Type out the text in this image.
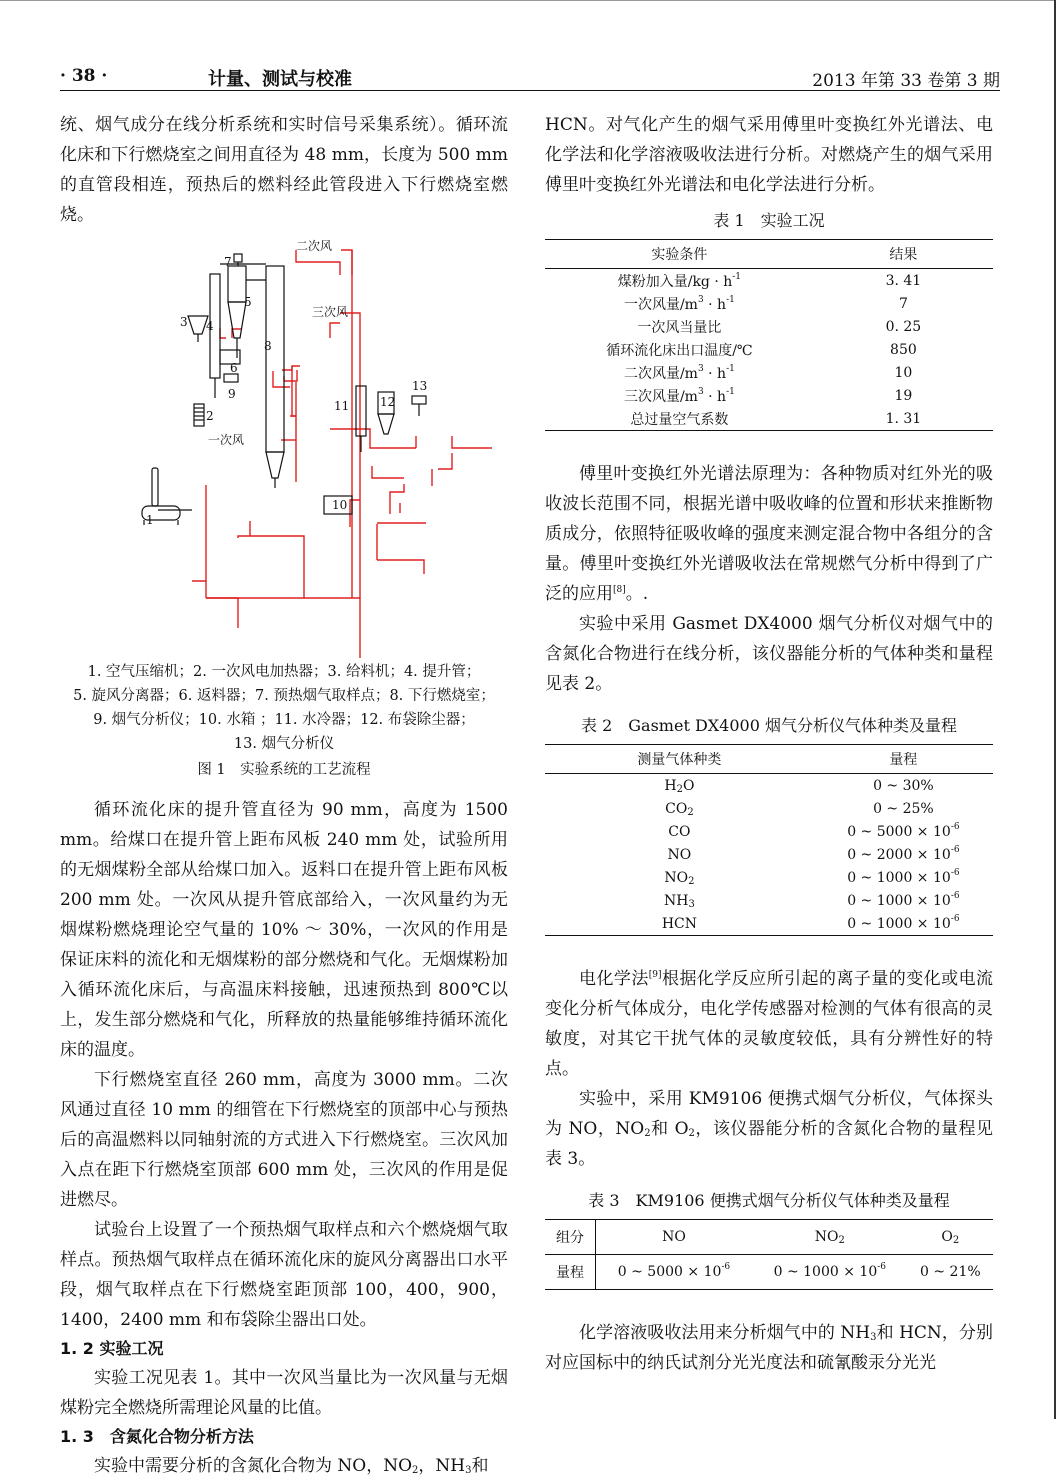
· 38 ·	计量、测试与校准	2013 年第 33 卷第 3 期

统、烟气成分在线分析系统和实时信号采集系统）。循环流化床和下行燃烧室之间用直径为 48 mm，长度为 500 mm 的直管段相连，预热后的燃料经此管段进入下行燃烧室燃烧。

二次风
三次风
一次风
1
2
3 4
5
6
7
8
9
10
11	12
13
1. 空气压缩机；2. 一次风电加热器；3. 给料机；4. 提升管；
5. 旋风分离器；6. 返料器；7. 预热烟气取样点；8. 下行燃烧室；
9. 烟气分析仪；10. 水箱 ；11. 水冷器；12. 布袋除尘器；
13. 烟气分析仪
图 1　实验系统的工艺流程

循环流化床的提升管直径为 90 mm，高度为 1500 mm。给煤口在提升管上距布风板 240 mm 处，试验所用的无烟煤粉全部从给煤口加入。返料口在提升管上距布风板 200 mm 处。一次风从提升管底部给入，一次风量约为无烟煤粉燃烧理论空气量的 10% ～ 30%，一次风的作用是保证床料的流化和无烟煤粉的部分燃烧和气化。无烟煤粉加入循环流化床后，与高温床料接触，迅速预热到 800℃以上，发生部分燃烧和气化，所释放的热量能够维持循环流化床的温度。

下行燃烧室直径 260 mm，高度为 3000 mm。二次风通过直径 10 mm 的细管在下行燃烧室的顶部中心与预热后的高温燃料以同轴射流的方式进入下行燃烧室。三次风加入点在距下行燃烧室顶部 600 mm 处，三次风的作用是促进燃尽。

试验台上设置了一个预热烟气取样点和六个燃烧烟气取样点。预热烟气取样点在循环流化床的旋风分离器出口水平段，烟气取样点在下行燃烧室距顶部 100，400，900，1400，2400 mm 和布袋除尘器出口处。

1. 2 实验工况

实验工况见表 1。其中一次风当量比为一次风量与无烟煤粉完全燃烧所需理论风量的比值。

1. 3　含氮化合物分析方法

实验中需要分析的含氮化合物为 NO，$NO_2$，$NH_3$和

HCN。对气化产生的烟气采用傅里叶变换红外光谱法、电化学法和化学溶液吸收法进行分析。对燃烧产生的烟气采用傅里叶变换红外光谱法和电化学法进行分析。

表 1　实验工况
实验条件	结果
煤粉加入量$/kg \cdot h^{-1}$	3. 41
一次风量$/m^3 \cdot h^{-1}$	7
一次风当量比	0. 25
循环流化床出口温度/℃	850
二次风量$/m^3 \cdot h^{-1}$	10
三次风量$/m^3 \cdot h^{-1}$	19
总过量空气系数	1. 31

傅里叶变换红外光谱法原理为：各种物质对红外光的吸收波长范围不同，根据光谱中吸收峰的位置和形状来推断物质成分，依照特征吸收峰的强度来测定混合物中各组分的含量。傅里叶变换红外光谱吸收法在常规燃气分析中得到了广泛的应用[8]。.

实验中采用 Gasmet DX4000 烟气分析仪对烟气中的含氮化合物进行在线分析，该仪器能分析的气体种类和量程见表 2。

表 2　Gasmet DX4000 烟气分析仪气体种类及量程
测量气体种类	量程
$H_2O$	0 ~ 30%
$CO_2$	0 ~ 25%
CO	0 ~ $5000 \times 10^{-6}$
NO	0 ~ $2000 \times 10^{-6}$
$NO_2$	0 ~ $1000 \times 10^{-6}$
$NH_3$	0 ~ $1000 \times 10^{-6}$
HCN	0 ~ $1000 \times 10^{-6}$

电化学法[9]根据化学反应所引起的离子量的变化或电流变化分析气体成分，电化学传感器对检测的气体有很高的灵敏度，对其它干扰气体的灵敏度较低，具有分辨性好的特点。

实验中，采用 KM9106 便携式烟气分析仪，气体探头为 NO，$NO_2$和 $O_2$，该仪器能分析的含氮化合物的量程见表 3。

表 3　KM9106 便携式烟气分析仪气体种类及量程
组分	NO	$NO_2$	$O_2$
量程	0 ~ $5000 \times 10^{-6}$	0 ~ $1000 \times 10^{-6}$	0 ~ 21%

化学溶液吸收法用来分析烟气中的 $NH_3$和 HCN，分别对应国标中的纳氏试剂分光光度法和硫氰酸汞分光光
